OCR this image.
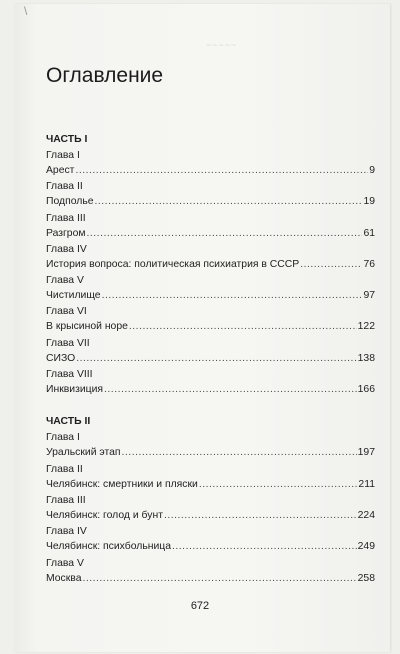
\
~~~~~
Оглавление
ЧАСТЬ I
Глава I
Арест .....	9
Глава II
Подполье .....	19
Глава III
Разгром .....	61
Глава IV
История вопроса: политическая психиатрия в СССР .....	76
Глава V
Чистилище .....	97
Глава VI
В крысиной норе .....	122
Глава VII
СИЗО .....	138
Глава VIII
Инквизиция .....	166
ЧАСТЬ II
Глава I
Уральский этап .....	197
Глава II
Челябинск: смертники и пляски .....	211
Глава III
Челябинск: голод и бунт .....	224
Глава IV
Челябинск: психбольница .....	249
Глава V
Москва .....	258
672
